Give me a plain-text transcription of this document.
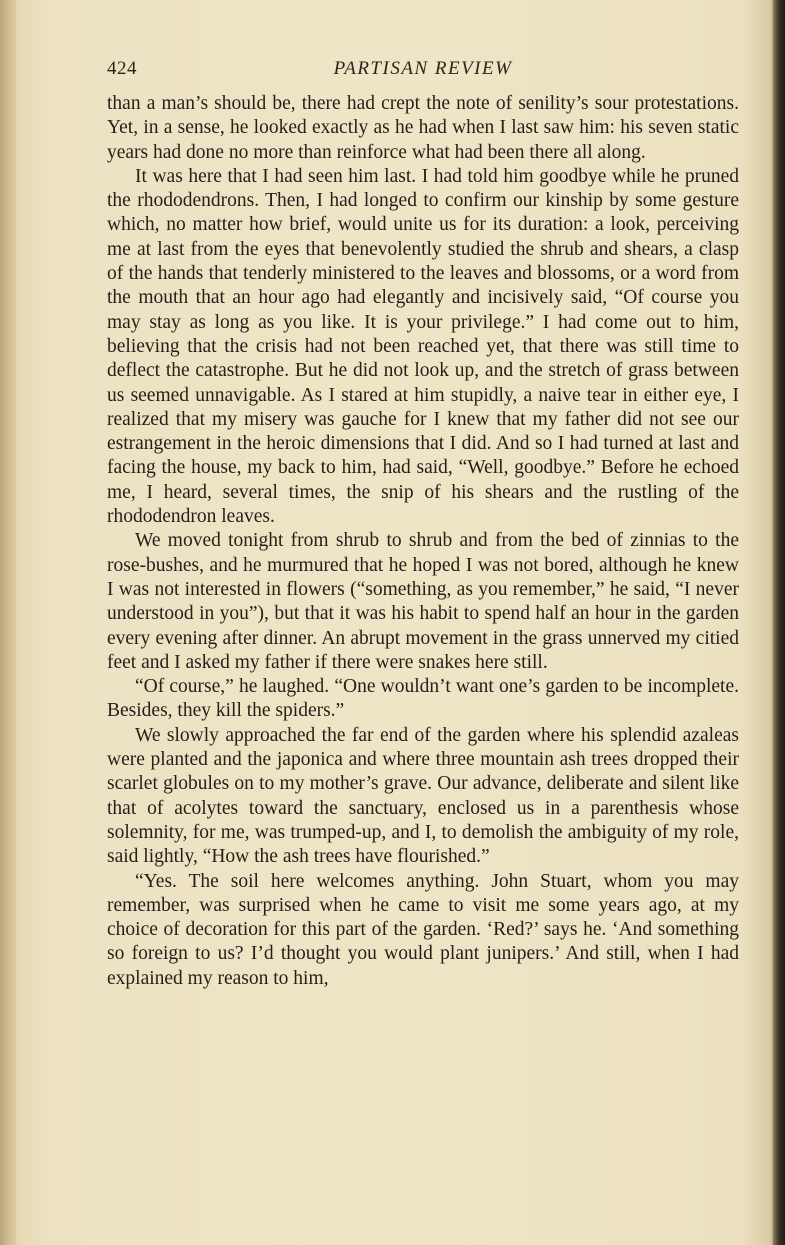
424	PARTISAN REVIEW

than a man’s should be, there had crept the note of senility’s sour protestations. Yet, in a sense, he looked exactly as he had when I last saw him: his seven static years had done no more than reinforce what had been there all along.

It was here that I had seen him last. I had told him goodbye while he pruned the rhododendrons. Then, I had longed to confirm our kinship by some gesture which, no matter how brief, would unite us for its duration: a look, perceiving me at last from the eyes that benevolently studied the shrub and shears, a clasp of the hands that tenderly ministered to the leaves and blossoms, or a word from the mouth that an hour ago had elegantly and incisively said, “Of course you may stay as long as you like. It is your privilege.” I had come out to him, believing that the crisis had not been reached yet, that there was still time to deflect the catastrophe. But he did not look up, and the stretch of grass between us seemed unnavigable. As I stared at him stupidly, a naive tear in either eye, I realized that my misery was gauche for I knew that my father did not see our estrangement in the heroic dimensions that I did. And so I had turned at last and facing the house, my back to him, had said, “Well, goodbye.” Before he echoed me, I heard, several times, the snip of his shears and the rustling of the rhododendron leaves.

We moved tonight from shrub to shrub and from the bed of zinnias to the rose-bushes, and he murmured that he hoped I was not bored, although he knew I was not interested in flowers (“something, as you remember,” he said, “I never understood in you”), but that it was his habit to spend half an hour in the garden every evening after dinner. An abrupt movement in the grass unnerved my citied feet and I asked my father if there were snakes here still.

“Of course,” he laughed. “One wouldn’t want one’s garden to be incomplete. Besides, they kill the spiders.”

We slowly approached the far end of the garden where his splendid azaleas were planted and the japonica and where three mountain ash trees dropped their scarlet globules on to my mother’s grave. Our advance, deliberate and silent like that of acolytes toward the sanctuary, enclosed us in a parenthesis whose solemnity, for me, was trumped-up, and I, to demolish the ambiguity of my role, said lightly, “How the ash trees have flourished.”

“Yes. The soil here welcomes anything. John Stuart, whom you may remember, was surprised when he came to visit me some years ago, at my choice of decoration for this part of the garden. ‘Red?’ says he. ‘And something so foreign to us? I’d thought you would plant junipers.’ And still, when I had explained my reason to him,
